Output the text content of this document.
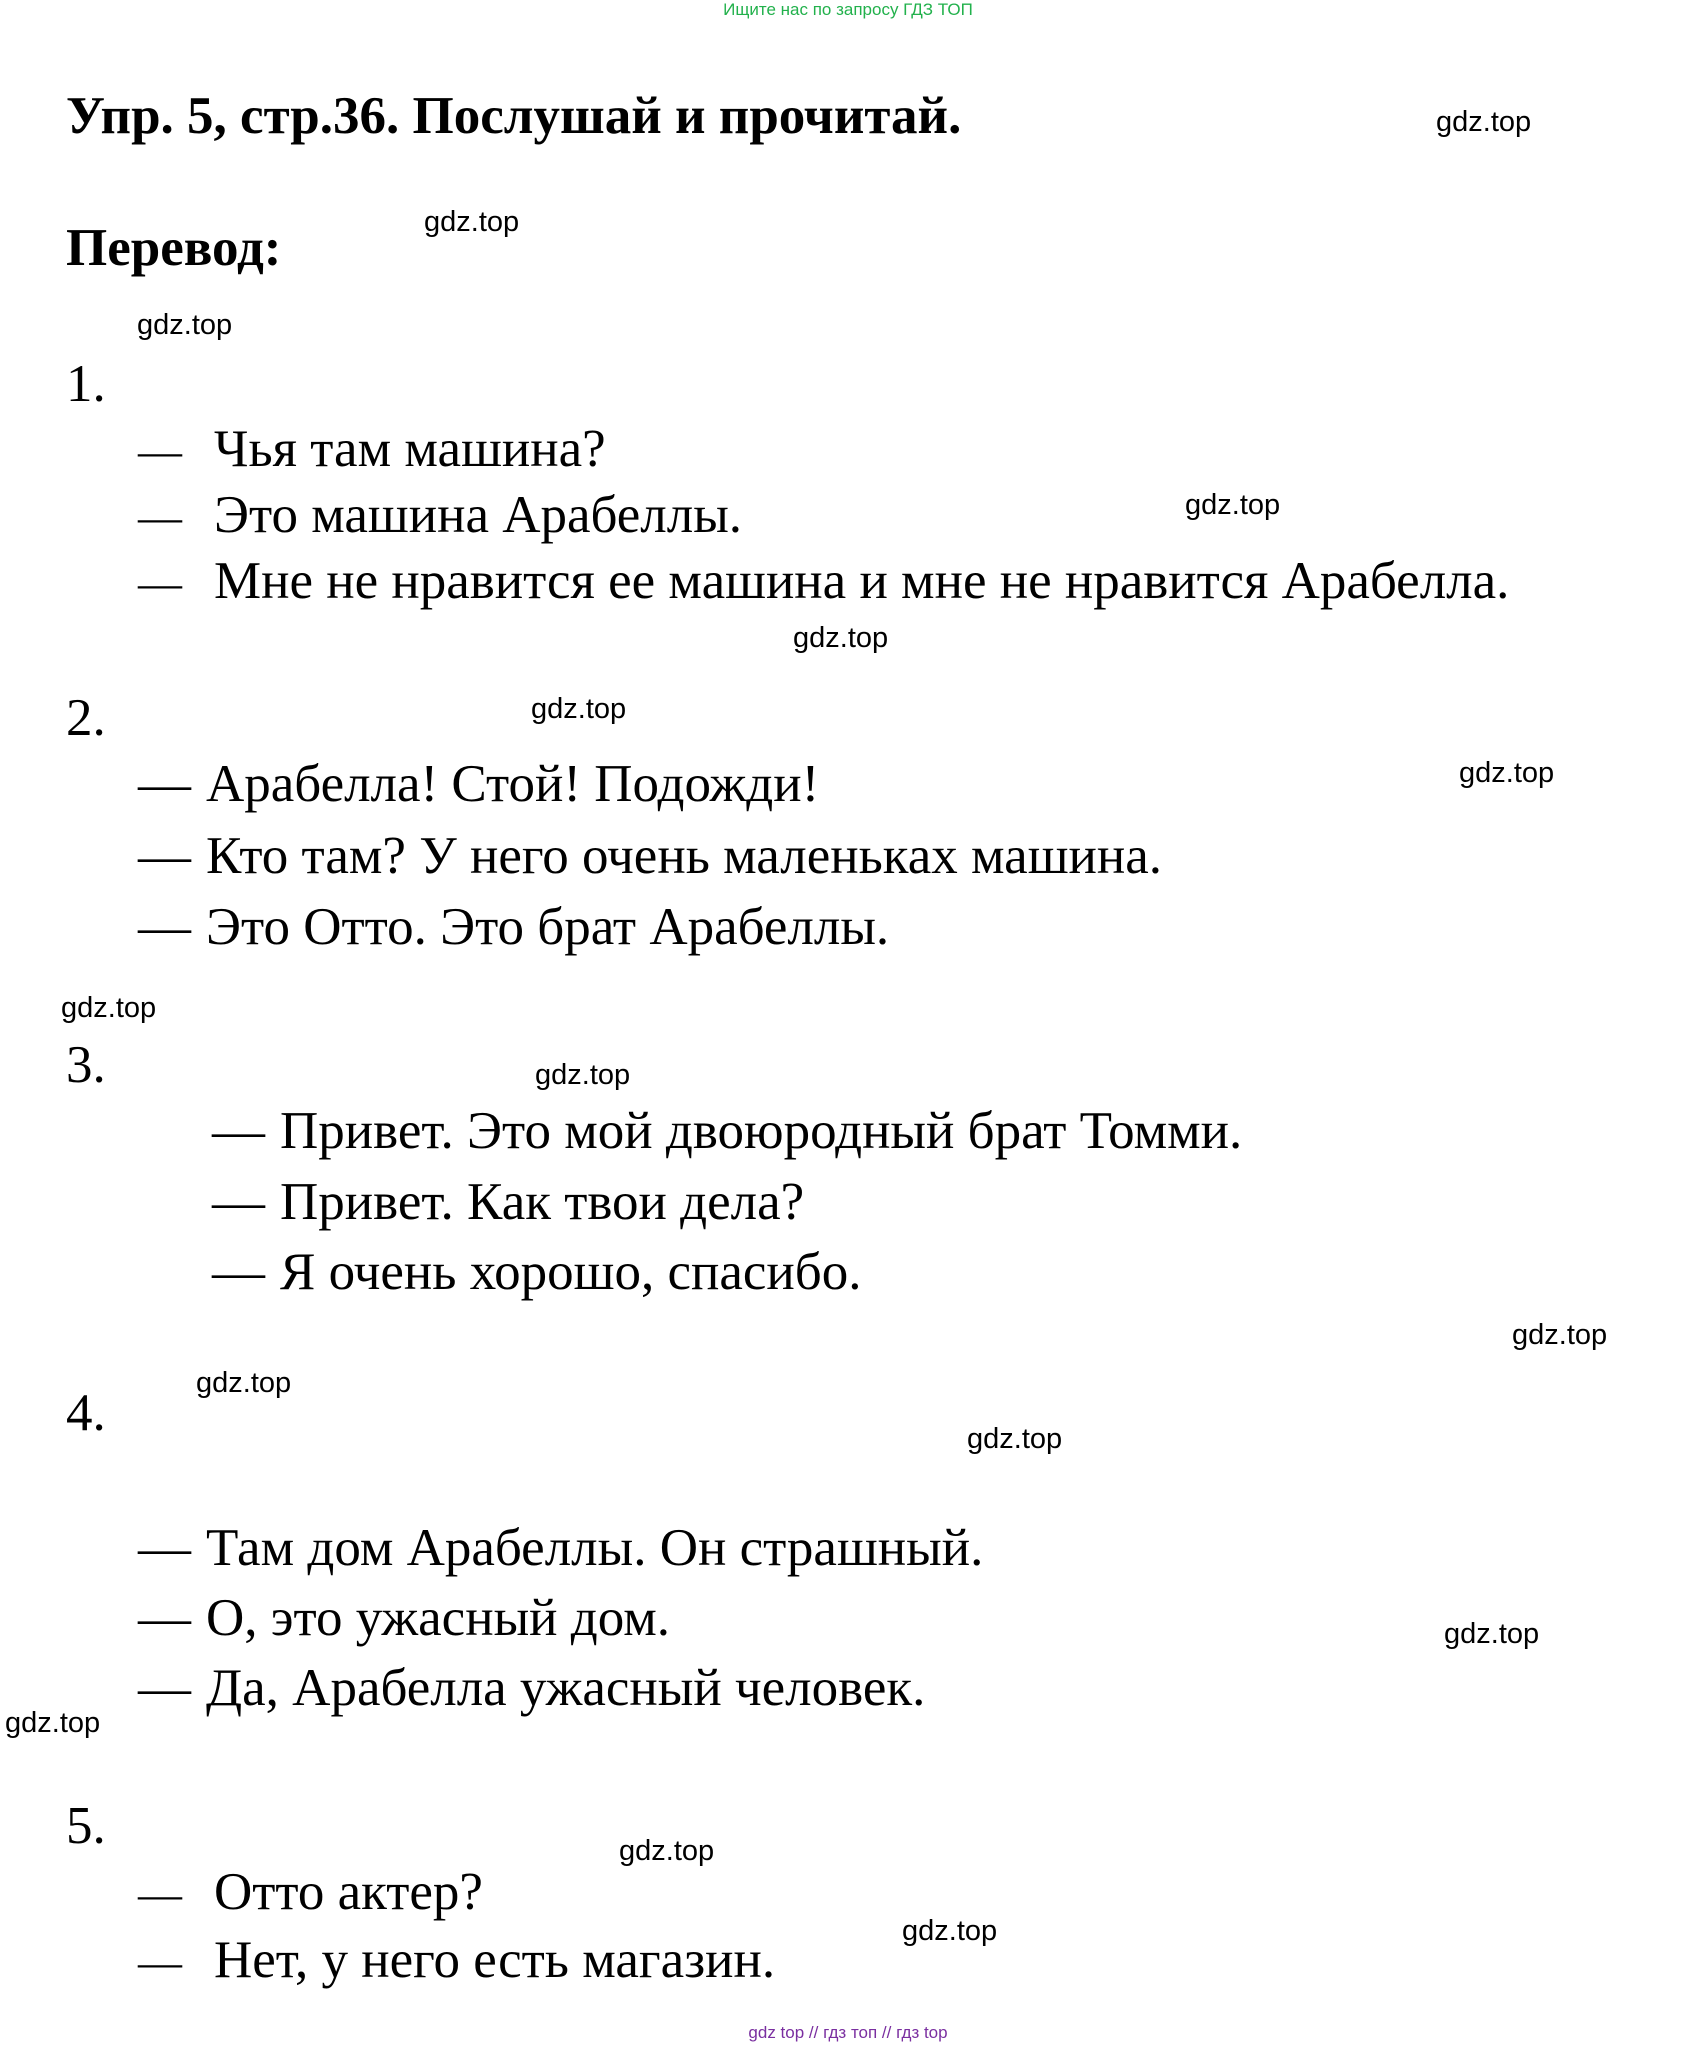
Ищите нас по запросу ГДЗ ТОП
Упр. 5, стр.36. Послушай и прочитай.
Перевод:
1.
— Чья там машина?
— Это машина Арабеллы.
— Мне не нравится ее машина и мне не нравится Арабелла.
2.
— Арабелла! Стой! Подожди!
— Кто там? У него очень маленьках машина.
— Это Отто. Это брат Арабеллы.
3.
— Привет. Это мой двоюродный брат Томми.
— Привет. Как твои дела?
— Я очень хорошо, спасибо.
4.
— Там дом Арабеллы. Он страшный.
— О, это ужасный дом.
— Да, Арабелла ужасный человек.
5.
— Отто актер?
— Нет, у него есть магазин.
gdz.top
gdz.top
gdz.top
gdz.top
gdz.top
gdz.top
gdz.top
gdz.top
gdz.top
gdz.top
gdz.top
gdz.top
gdz.top
gdz.top
gdz.top
gdz.top
gdz top // гдз топ // гдз top
